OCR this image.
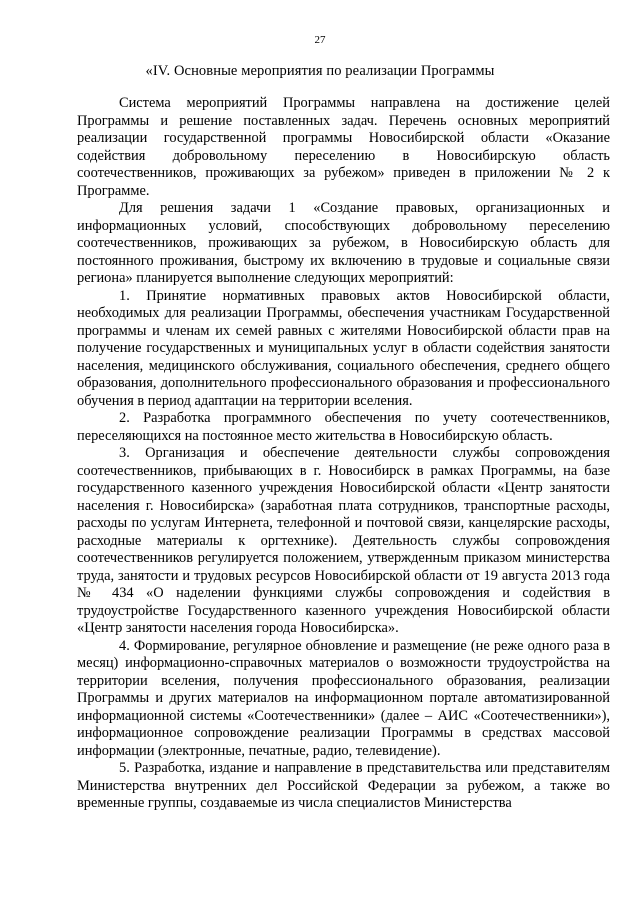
27
«IV. Основные мероприятия по реализации Программы

Система мероприятий Программы направлена на достижение целей Программы и решение поставленных задач. Перечень основных мероприятий реализации государственной программы Новосибирской области «Оказание содействия добровольному переселению в Новосибирскую область соотечественников, проживающих за рубежом» приведен в приложении № 2 к Программе.

Для решения задачи 1 «Создание правовых, организационных и информационных условий, способствующих добровольному переселению соотечественников, проживающих за рубежом, в Новосибирскую область для постоянного проживания, быстрому их включению в трудовые и социальные связи региона» планируется выполнение следующих мероприятий:

1. Принятие нормативных правовых актов Новосибирской области, необходимых для реализации Программы, обеспечения участникам Государственной программы и членам их семей равных с жителями Новосибирской области прав на получение государственных и муниципальных услуг в области содействия занятости населения, медицинского обслуживания, социального обеспечения, среднего общего образования, дополнительного профессионального образования и профессионального обучения в период адаптации на территории вселения.

2. Разработка программного обеспечения по учету соотечественников, переселяющихся на постоянное место жительства в Новосибирскую область.

3. Организация и обеспечение деятельности службы сопровождения соотечественников, прибывающих в г. Новосибирск в рамках Программы, на базе государственного казенного учреждения Новосибирской области «Центр занятости населения г. Новосибирска» (заработная плата сотрудников, транспортные расходы, расходы по услугам Интернета, телефонной и почтовой связи, канцелярские расходы, расходные материалы к оргтехнике). Деятельность службы сопровождения соотечественников регулируется положением, утвержденным приказом министерства труда, занятости и трудовых ресурсов Новосибирской области от 19 августа 2013 года № 434 «О наделении функциями службы сопровождения и содействия в трудоустройстве Государственного казенного учреждения Новосибирской области «Центр занятости населения города Новосибирска».

4. Формирование, регулярное обновление и размещение (не реже одного раза в месяц) информационно-справочных материалов о возможности трудоустройства на территории вселения, получения профессионального образования, реализации Программы и других материалов на информационном портале автоматизированной информационной системы «Соотечественники» (далее – АИС «Соотечественники»), информационное сопровождение реализации Программы в средствах массовой информации (электронные, печатные, радио, телевидение).

5. Разработка, издание и направление в представительства или представителям Министерства внутренних дел Российской Федерации за рубежом, а также во временные группы, создаваемые из числа специалистов Министерства
